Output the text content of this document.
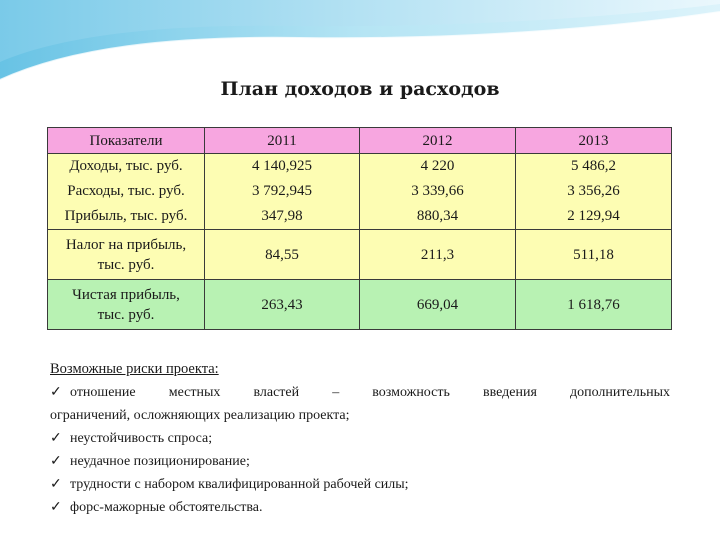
План доходов и расходов
Показатели	2011	2012	2013
Доходы, тыс. руб.	4 140,925	4 220	5 486,2
Расходы, тыс. руб.	3 792,945	3 339,66	3 356,26
Прибыль, тыс. руб.	347,98	880,34	2 129,94

Налог на прибыль,
тыс. руб.	84,55	211,3	511,18

Чистая прибыль,
тыс. руб.	263,43	669,04	1 618,76
Возможные риски проекта:
✓ отношение местных властей – возможность введения дополнительных
ограничений, осложняющих реализацию проекта;
✓ неустойчивость спроса;
✓ неудачное позиционирование;
✓ трудности с набором квалифицированной рабочей силы;
✓ форс-мажорные обстоятельства.
